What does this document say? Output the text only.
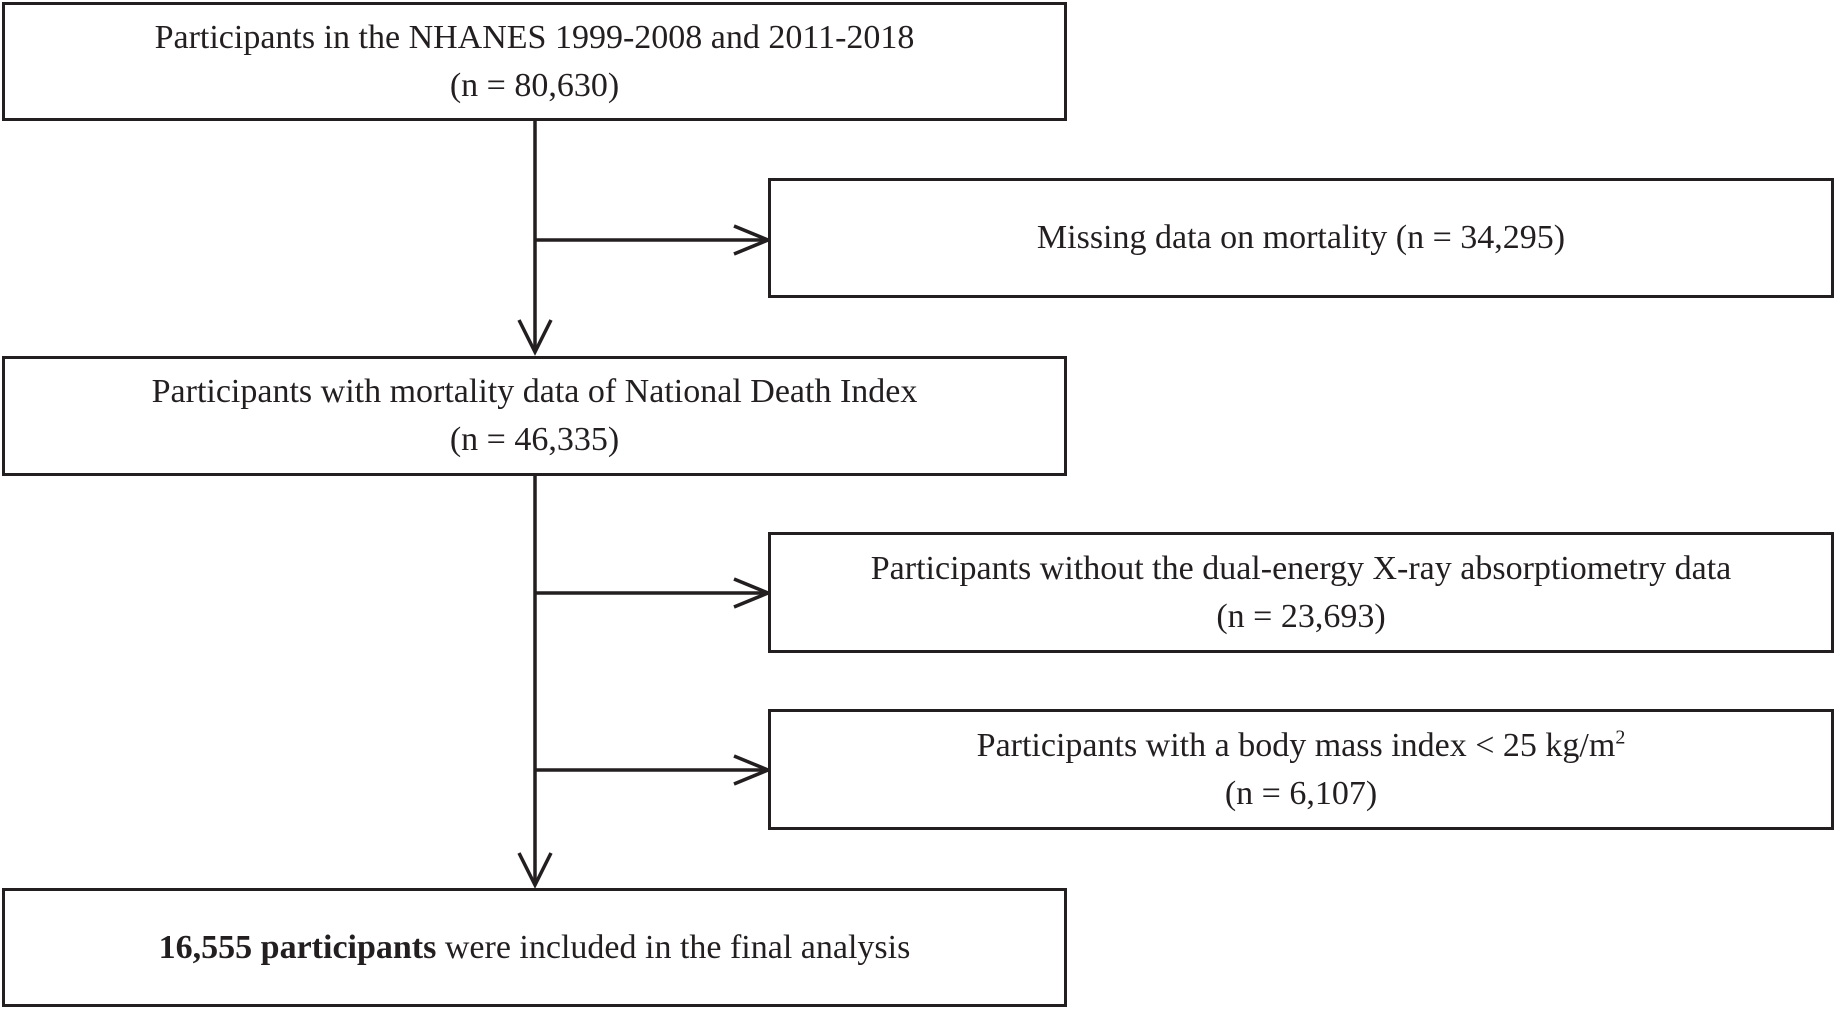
Participants in the NHANES 1999-2008 and 2011-2018
(n = 80,630)
Missing data on mortality (n = 34,295)
Participants with mortality data of National Death Index
(n = 46,335)
Participants without the dual-energy X-ray absorptiometry data
(n = 23,693)
Participants with a body mass index < 25 $kg/m^2$
(n = 6,107)
16,555 participants were included in the final analysis
